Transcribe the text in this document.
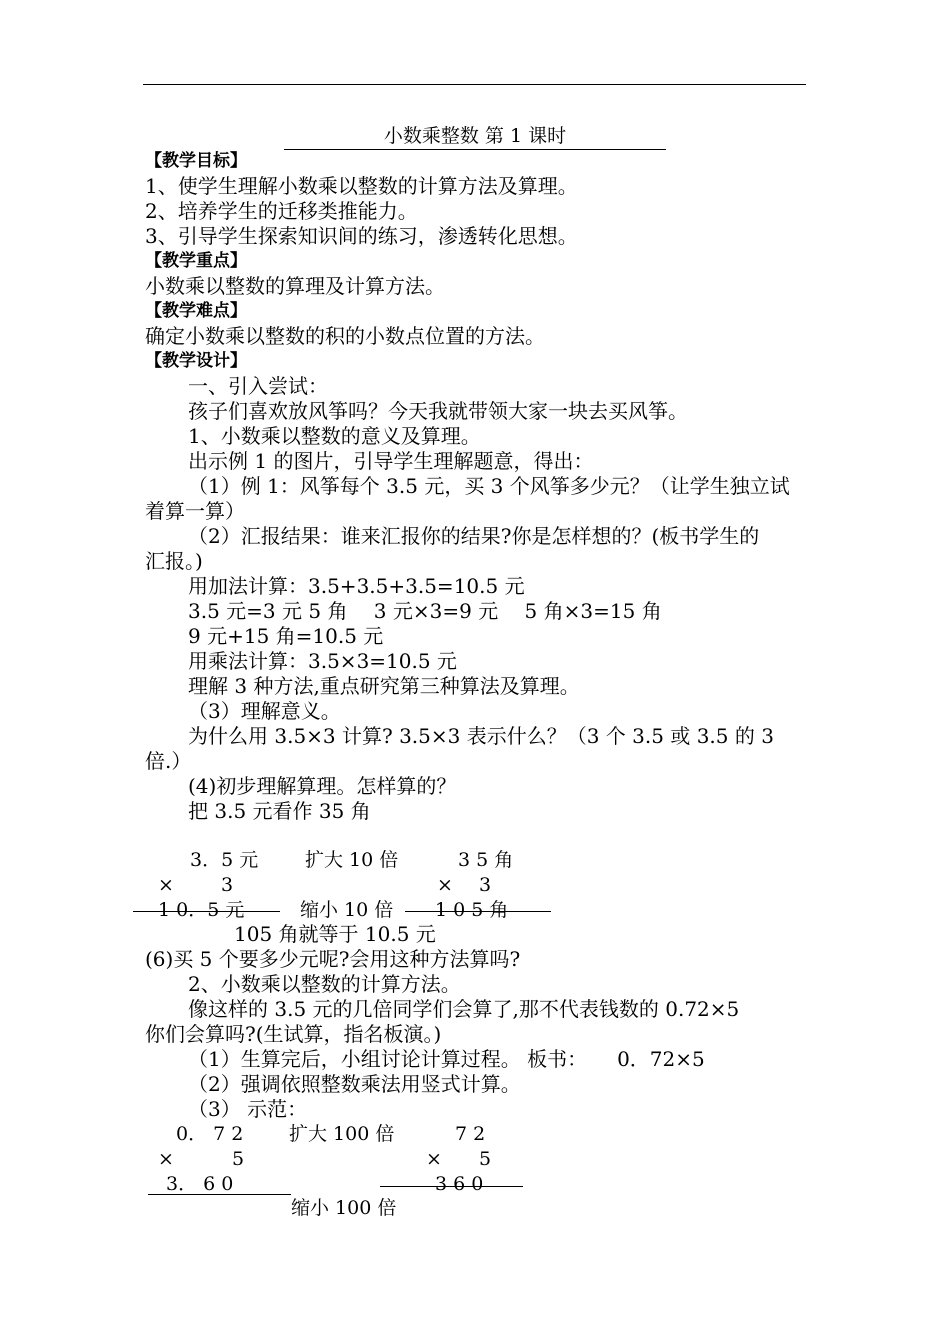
小数乘整数 第 1 课时
【教学目标】
1、使学生理解小数乘以整数的计算方法及算理。
2、培养学生的迁移类推能力。
3、引导学生探索知识间的练习，渗透转化思想。
【教学重点】
小数乘以整数的算理及计算方法。
【教学难点】
确定小数乘以整数的积的小数点位置的方法。
【教学设计】
一、引入尝试：
孩子们喜欢放风筝吗？今天我就带领大家一块去买风筝。
1、小数乘以整数的意义及算理。
出示例 1 的图片，引导学生理解题意，得出：
（1）例 1：风筝每个 3.5 元，买 3 个风筝多少元？（让学生独立试
着算一算）
（2）汇报结果：谁来汇报你的结果?你是怎样想的？(板书学生的
汇报。)
用加法计算：3.5+3.5+3.5=10.5 元
3.5 元=3 元 5 角　 3 元×3=9 元　 5 角×3=15 角
9 元+15 角=10.5 元
用乘法计算：3.5×3=10.5 元
理解 3 种方法,重点研究第三种算法及算理。
（3）理解意义。
为什么用 3.5×3 计算? 3.5×3 表示什么？（3 个 3.5 或 3.5 的 3
倍.）
(4)初步理解算理。怎样算的？
把 3.5 元看作 35 角
3．5 元 扩大 10 倍	3 5 角
× 3	× 3
1 0．5 元	缩小 10 倍 1 0 5 角
105 角就等于 10.5 元
(6)买 5 个要多少元呢?会用这种方法算吗?
2、小数乘以整数的计算方法。
像这样的 3.5 元的几倍同学们会算了,那不代表钱数的 0.72×5
你们会算吗?(生试算，指名板演。)
（1）生算完后，小组讨论计算过程。 板书：　　0．72×5
（2）强调依照整数乘法用竖式计算。
（3） 示范：
0． 7 2 扩大 100 倍	7 2
×	5	× 5
3． 6 0	3 6 0
缩小 100 倍
